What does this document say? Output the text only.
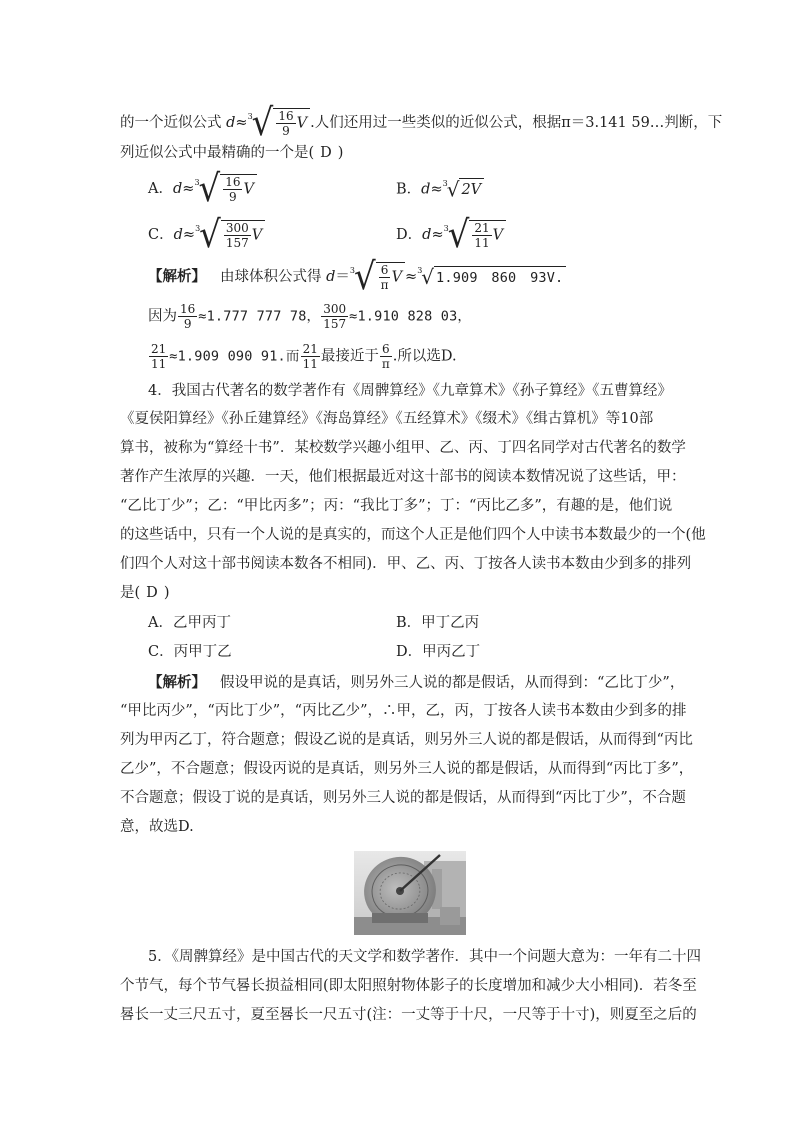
的一个近似公式 $d\approx^3√ \frac{16}{9}$ V .人们还用过一些类似的近似公式，根据π＝3.141 59…判断，下
列近似公式中最精确的一个是( D )
A．$d\approx^3√ \frac{16}{9}$ V	B．d≈$^3$√ 2V
C．$d\approx^3√ \frac{300}{157}$ V	D．$d\approx^3√ \frac{21}{11}$ V
【解析】 由球体积公式得 $d=^3√ \frac{6}{\pi}$ V ≈$^3$√ 1.909　860　93V.
因为 $\frac{16}{9} \approx 1.777$ 777 78， $\frac{300}{157} \approx 1.910$ 828 03，
$\frac{21}{11} \approx 1.909$ 090 91.而 $\frac{21}{11}$ 最接近于 $\frac{6}{\pi}$ .所以选D.
4．我国古代著名的数学著作有《周髀算经》《九章算术》《孙子算经》《五曹算经》
《夏侯阳算经》《孙丘建算经》《海岛算经》《五经算术》《缀术》《缉古算机》等10部
算书，被称为“算经十书”．某校数学兴趣小组甲、乙、丙、丁四名同学对古代著名的数学
著作产生浓厚的兴趣．一天，他们根据最近对这十部书的阅读本数情况说了这些话，甲：
“乙比丁少”；乙：“甲比丙多”；丙：“我比丁多”；丁：“丙比乙多”，有趣的是，他们说
的这些话中，只有一个人说的是真实的，而这个人正是他们四个人中读书本数最少的一个(他
们四个人对这十部书阅读本数各不相同)．甲、乙、丙、丁按各人读书本数由少到多的排列
是( D )
A．乙甲丙丁	B．甲丁乙丙
C．丙甲丁乙	D．甲丙乙丁
【解析】 假设甲说的是真话，则另外三人说的都是假话，从而得到：“乙比丁少”，
“甲比丙少”，“丙比丁少”，“丙比乙少”，∴甲，乙，丙，丁按各人读书本数由少到多的排
列为甲丙乙丁，符合题意；假设乙说的是真话，则另外三人说的都是假话，从而得到“丙比
乙少”，不合题意；假设丙说的是真话，则另外三人说的都是假话，从而得到“丙比丁多”，
不合题意；假设丁说的是真话，则另外三人说的都是假话，从而得到“丙比丁少”，不合题
意，故选D.
5．《周髀算经》是中国古代的天文学和数学著作．其中一个问题大意为：一年有二十四
个节气，每个节气晷长损益相同(即太阳照射物体影子的长度增加和减少大小相同)．若冬至
晷长一丈三尺五寸，夏至晷长一尺五寸(注：一丈等于十尺，一尺等于十寸)，则夏至之后的
